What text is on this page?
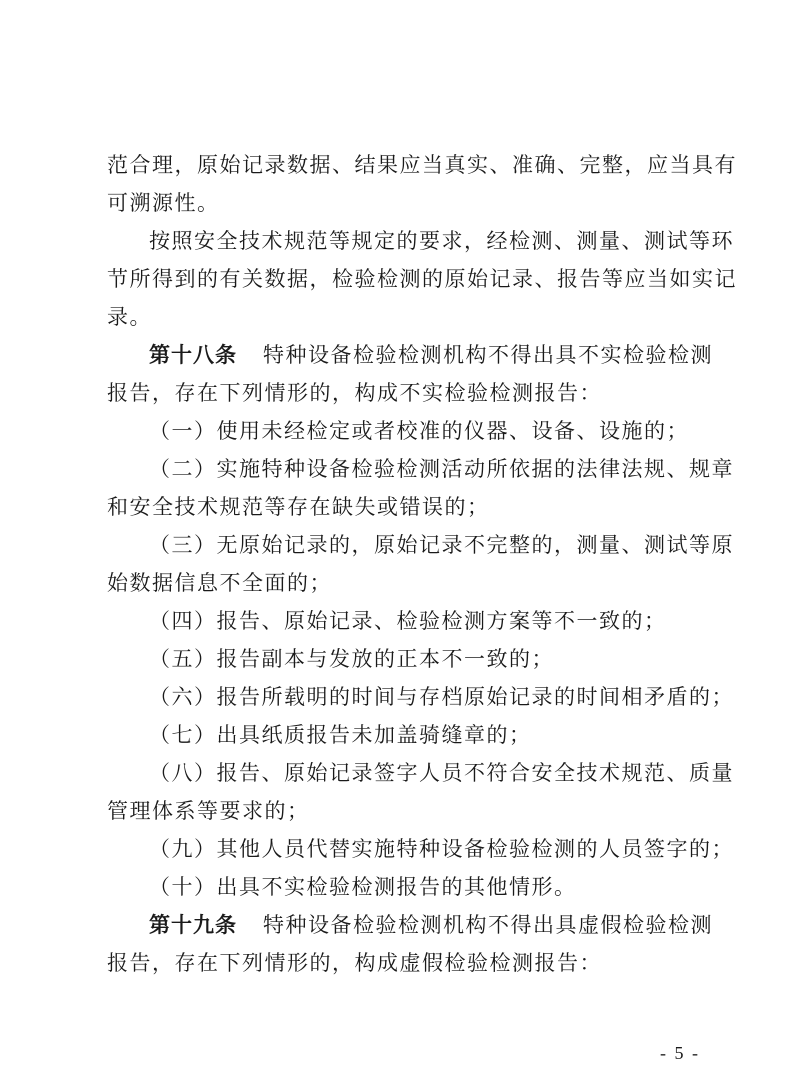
范合理，原始记录数据、结果应当真实、准确、完整，应当具有
可溯源性。
按照安全技术规范等规定的要求，经检测、测量、测试等环
节所得到的有关数据，检验检测的原始记录、报告等应当如实记
录。
第十八条 特种设备检验检测机构不得出具不实检验检测
报告，存在下列情形的，构成不实检验检测报告：
（一）使用未经检定或者校准的仪器、设备、设施的；
（二）实施特种设备检验检测活动所依据的法律法规、规章
和安全技术规范等存在缺失或错误的；
（三）无原始记录的，原始记录不完整的，测量、测试等原
始数据信息不全面的；
（四）报告、原始记录、检验检测方案等不一致的；
（五）报告副本与发放的正本不一致的；
（六）报告所载明的时间与存档原始记录的时间相矛盾的；
（七）出具纸质报告未加盖骑缝章的；
（八）报告、原始记录签字人员不符合安全技术规范、质量
管理体系等要求的；
（九）其他人员代替实施特种设备检验检测的人员签字的；
（十）出具不实检验检测报告的其他情形。
第十九条 特种设备检验检测机构不得出具虚假检验检测
报告，存在下列情形的，构成虚假检验检测报告：
- 5 -
